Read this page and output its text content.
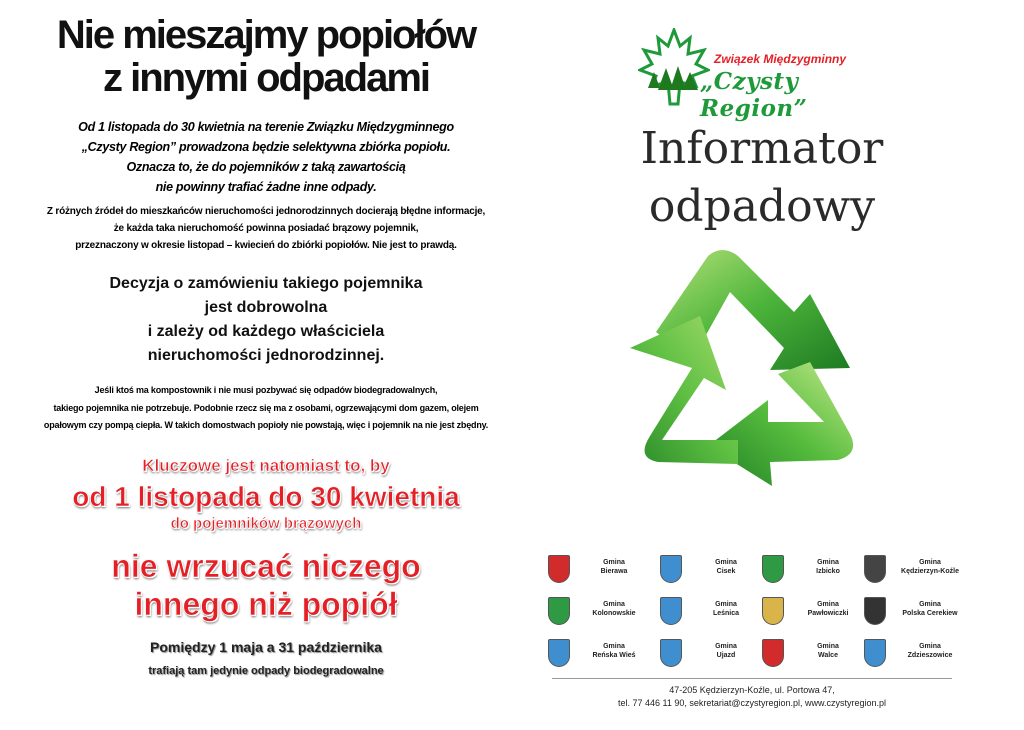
Nie mieszajmy popiołów
z innymi odpadami
Od 1 listopada do 30 kwietnia na terenie Związku Międzygminnego
„Czysty Region” prowadzona będzie selektywna zbiórka popiołu.
Oznacza to, że do pojemników z taką zawartością
nie powinny trafiać żadne inne odpady.
Z różnych źródeł do mieszkańców nieruchomości jednorodzinnych docierają błędne informacje,
że każda taka nieruchomość powinna posiadać brązowy pojemnik,
przeznaczony w okresie listopad – kwiecień do zbiórki popiołów. Nie jest to prawdą.
Decyzja o zamówieniu takiego pojemnika
jest dobrowolna
i zależy od każdego właściciela
nieruchomości jednorodzinnej.
Jeśli ktoś ma kompostownik i nie musi pozbywać się odpadów biodegradowalnych,
takiego pojemnika nie potrzebuje. Podobnie rzecz się ma z osobami, ogrzewającymi dom gazem, olejem
opałowym czy pompą ciepła. W takich domostwach popioły nie powstają, więc i pojemnik na nie jest zbędny.
Kluczowe jest natomiast to, by
od 1 listopada do 30 kwietnia
do pojemników brązowych
nie wrzucać niczego
innego niż popiół
Pomiędzy 1 maja a 31 października
trafiają tam jedynie odpady biodegradowalne
Związek Międzygminny
„Czysty Region”
Informator
odpadowy
Gmina
Bierawa
Gmina
Cisek
Gmina
Izbicko
Gmina
Kędzierzyn-Koźle
Gmina
Kolonowskie
Gmina
Leśnica
Gmina
Pawłowiczki
Gmina
Polska Cerekiew
Gmina
Reńska Wieś
Gmina
Ujazd
Gmina
Walce
Gmina
Zdzieszowice
47-205 Kędzierzyn-Koźle, ul. Portowa 47,
tel. 77 446 11 90, sekretariat@czystyregion.pl, www.czystyregion.pl
